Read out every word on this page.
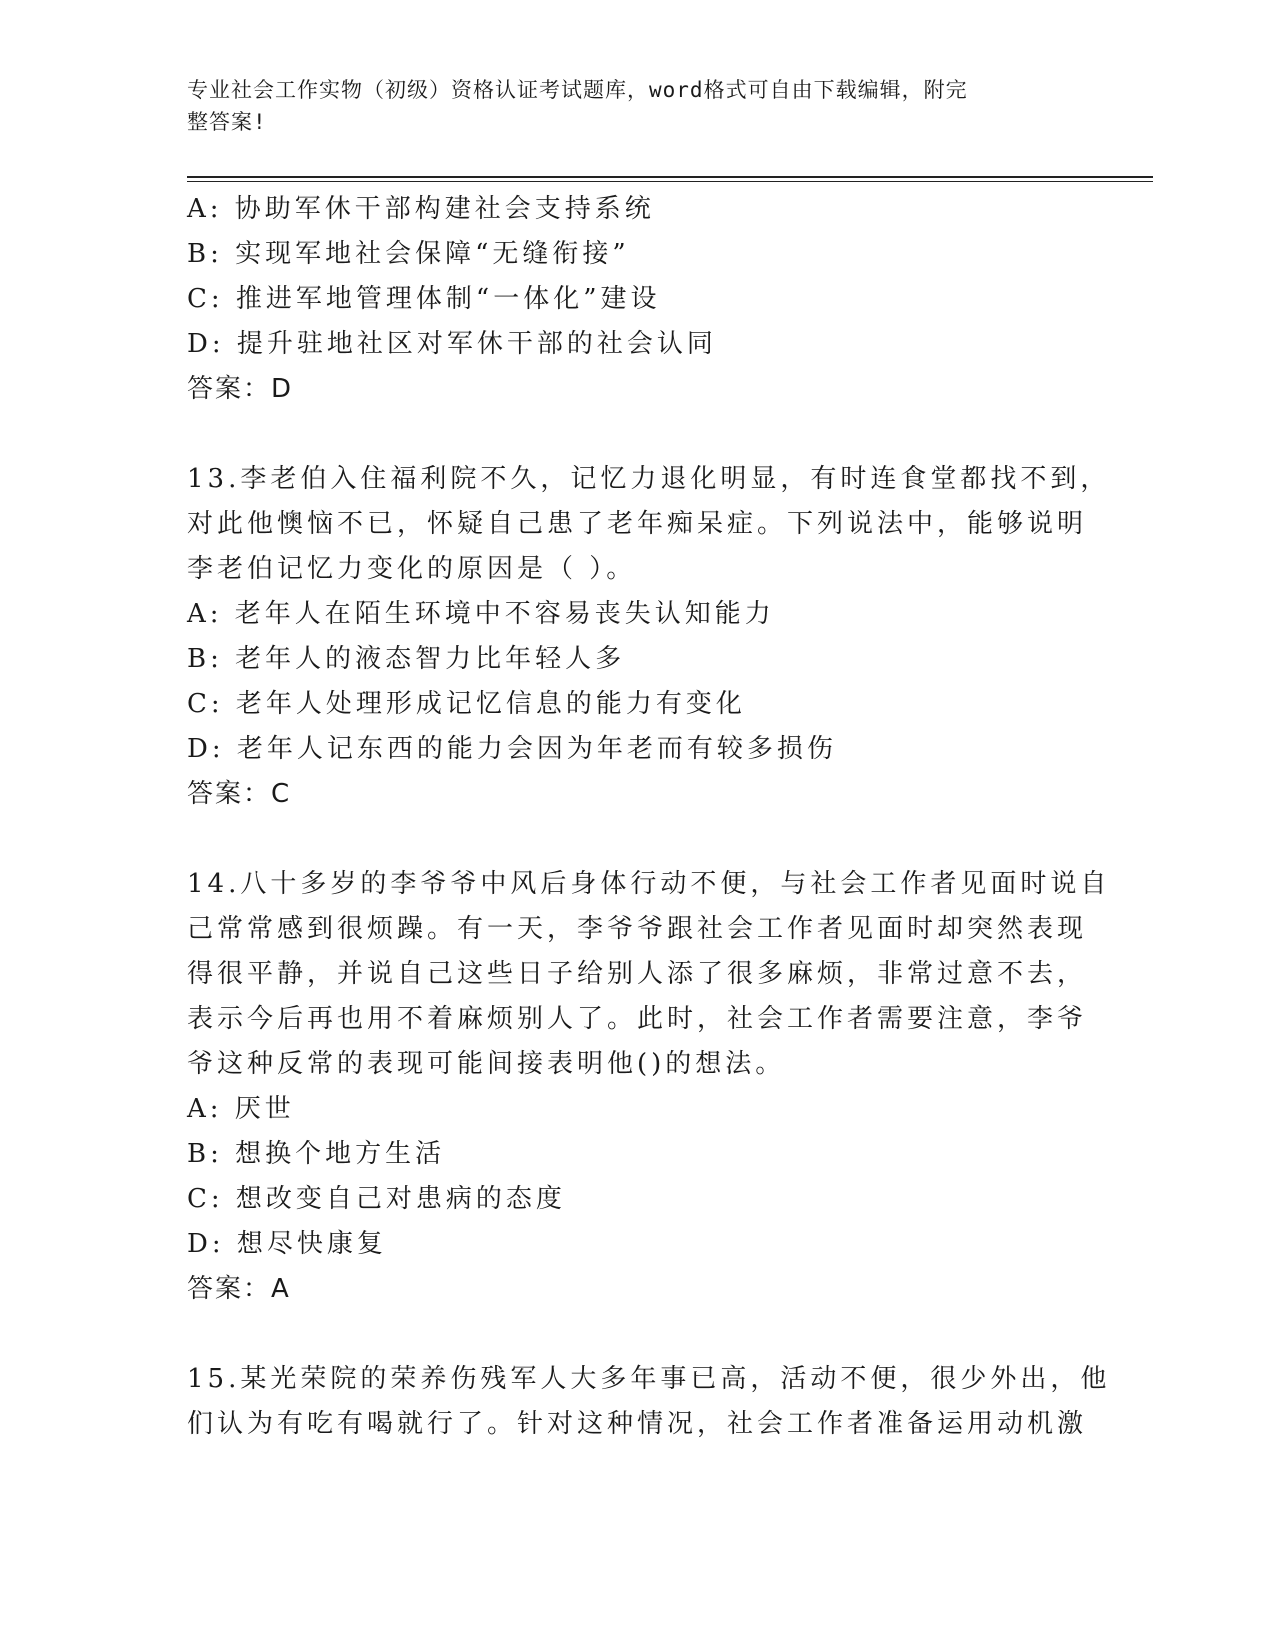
专业社会工作实物（初级）资格认证考试题库，word格式可自由下载编辑，附完
整答案!
A: 协助军休干部构建社会支持系统
B: 实现军地社会保障“无缝衔接”
C: 推进军地管理体制“一体化”建设
D: 提升驻地社区对军休干部的社会认同
答案：D
13.李老伯入住福利院不久，记忆力退化明显，有时连食堂都找不到，
对此他懊恼不已，怀疑自己患了老年痴呆症。下列说法中，能够说明
李老伯记忆力变化的原因是（ ）。
A: 老年人在陌生环境中不容易丧失认知能力
B: 老年人的液态智力比年轻人多
C: 老年人处理形成记忆信息的能力有变化
D: 老年人记东西的能力会因为年老而有较多损伤
答案：C
14.八十多岁的李爷爷中风后身体行动不便，与社会工作者见面时说自
己常常感到很烦躁。有一天，李爷爷跟社会工作者见面时却突然表现
得很平静，并说自己这些日子给别人添了很多麻烦，非常过意不去，
表示今后再也用不着麻烦别人了。此时，社会工作者需要注意，李爷
爷这种反常的表现可能间接表明他()的想法。
A: 厌世
B: 想换个地方生活
C: 想改变自己对患病的态度
D: 想尽快康复
答案：A
15.某光荣院的荣养伤残军人大多年事已高，活动不便，很少外出，他
们认为有吃有喝就行了。针对这种情况，社会工作者准备运用动机激
